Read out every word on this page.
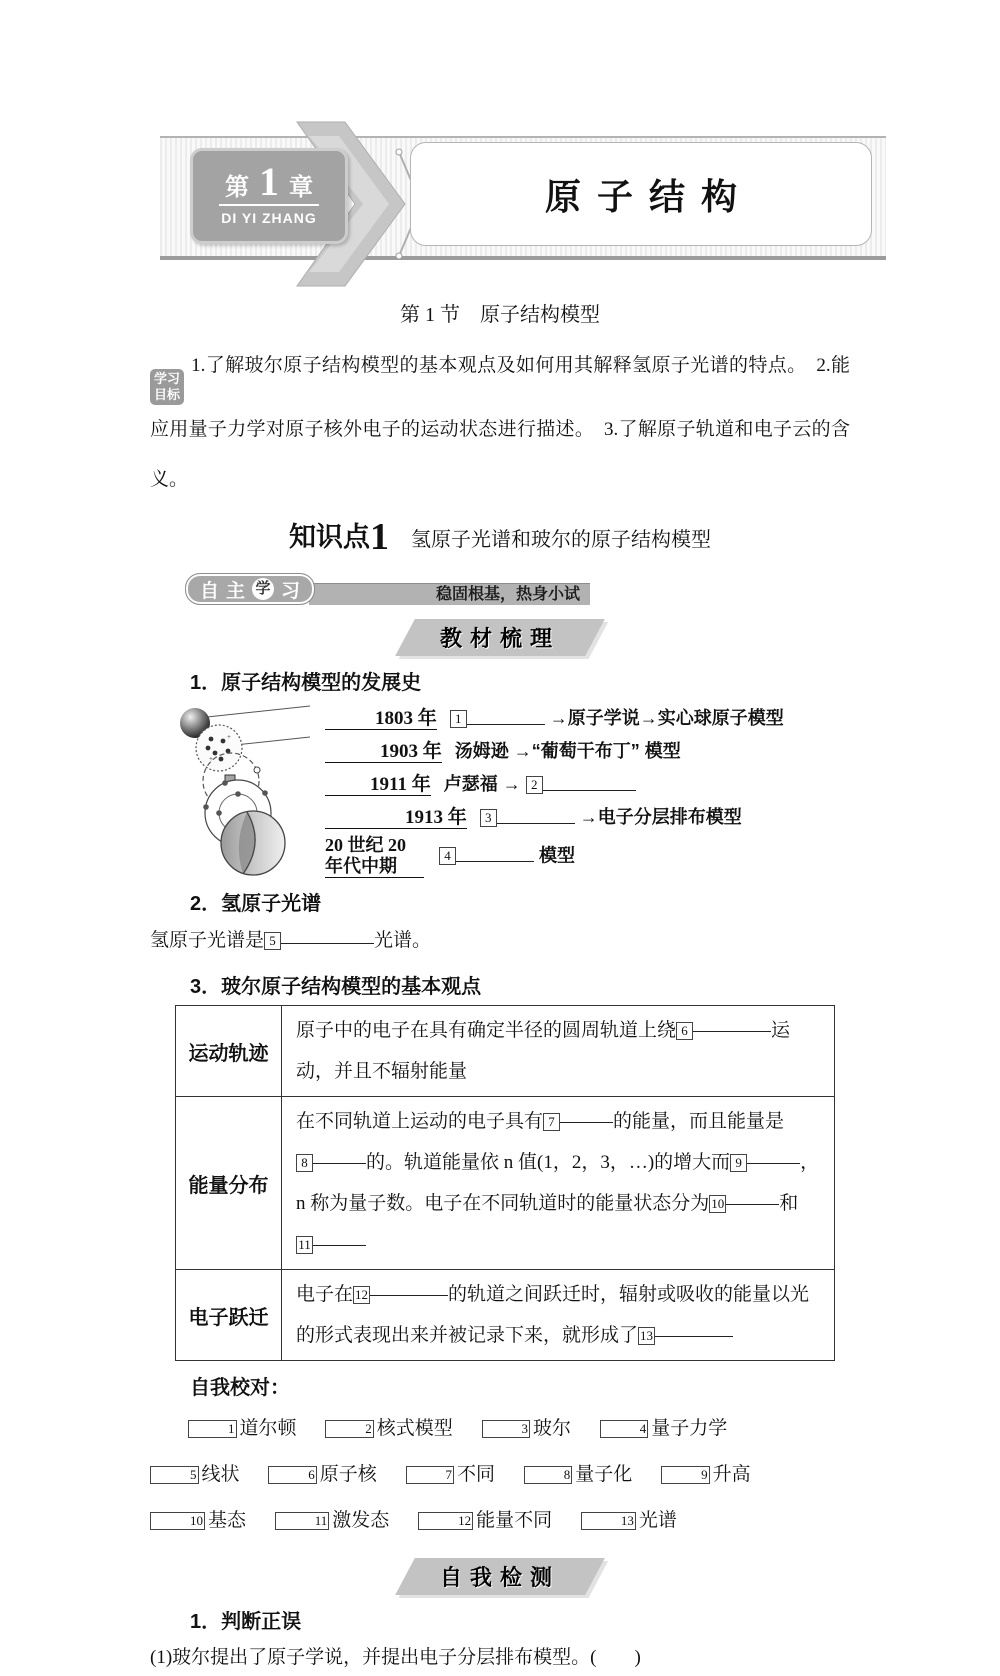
第 1 章
DI YI ZHANG
原子结构
第 1 节　原子结构模型

学习
目标
1.了解玻尔原子结构模型的基本观点及如何用其解释氢原子光谱的特点。　2.能应用量子力学对原子核外电子的运动状态进行描述。　3.了解原子轨道和电子云的含义。

知识点1 氢原子光谱和玻尔的原子结构模型
自 主 学 习	稳固根基，热身小试
教材梳理
1．原子结构模型的发展史
+
+
1803 年 1	→原子学说→实心球原子模型
1903 年 汤姆逊 →“葡萄干布丁” 模型
1911 年 卢瑟福 → 2
1913 年 3	→电子分层排布模型
20 世纪 20
年代中期 4	模型
2．氢原子光谱

氢原子光谱是 5	光谱。

3．玻尔原子结构模型的基本观点
运动轨迹	原子中的电子在具有确定半径的圆周轨道上绕 6 运动，并且不辐射能量
能量分布	在不同轨道上运动的电子具有 7 的能量，而且能量是8 的。轨道能量依 n 值(1，2，3，…)的增大而 9 ，n 称为量子数。电子在不同轨道时的能量状态分为 10 和11
电子跃迁	电子在 12 的轨道之间跃迁时，辐射或吸收的能量以光的形式表现出来并被记录下来，就形成了 13
自我校对：

1 道尔顿	2 核式模型	3 玻尔	4 量子力学 5 线状	6 原子核	7 不同	8 量子化	9 升高 10 基态	11 激发态	12 能量不同	13 光谱

自我检测
1．判断正误

(1)玻尔提出了原子学说，并提出电子分层排布模型。(　　)
